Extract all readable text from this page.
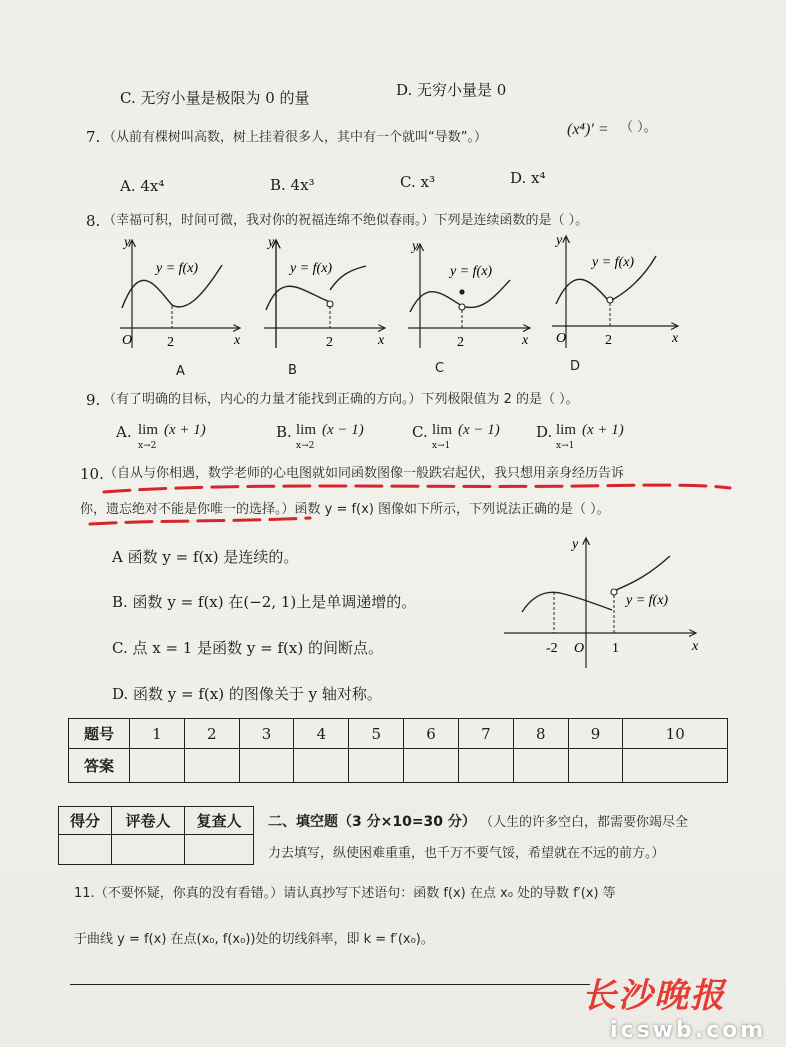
C. 无穷小量是极限为 0 的量	D. 无穷小量是 0
7. （从前有棵树叫高数，树上挂着很多人，其中有一个就叫“导数”。）	(x⁴)′ = （ ）。
A. 4x⁴	B. 4x³	C. x³	D. x⁴
8. （幸福可积，时间可微，我对你的祝福连绵不绝似春雨。）下列是连续函数的是（ ）。
y
x
O 2
y = f(x)
y
x
2
y = f(x)
y
x
2
y = f(x)
y
x
O	2
y = f(x)
A	B	C	D
9. （有了明确的目标，内心的力量才能找到正确的方向。）下列极限值为 2 的是（ ）。
A. lim
x→2
(x + 1)	B. lim
x→2
(x − 1)	C. lim
x→1
(x − 1) D. lim
x→1
(x + 1)
10. （自从与你相遇，数学老师的心电图就如同函数图像一般跌宕起伏，我只想用亲身经历告诉
你，遗忘绝对不能是你唯一的选择。）函数 y = f(x) 图像如下所示，下列说法正确的是（ ）。
A 函数 y = f(x) 是连续的。
B. 函数 y = f(x) 在(−2, 1)上是单调递增的。
C. 点 x = 1 是函数 y = f(x) 的间断点。
D. 函数 y = f(x) 的图像关于 y 轴对称。
y
x
O
-2	1
y = f(x)
题号	1	2	3	4	5	6	7	8	9	10
答案										
得分	评卷人	复查人
		二、填空题（3 分×10=30 分） （人生的许多空白，都需要你竭尽全
力去填写，纵使困难重重，也千万不要气馁，希望就在不远的前方。）
11.（不要怀疑，你真的没有看错。）请认真抄写下述语句：函数 f(x) 在点 x₀ 处的导数 f′(x) 等
于曲线 y = f(x) 在点(x₀, f(x₀))处的切线斜率，即 k = f′(x₀)。
长沙晚报
icswb.com
